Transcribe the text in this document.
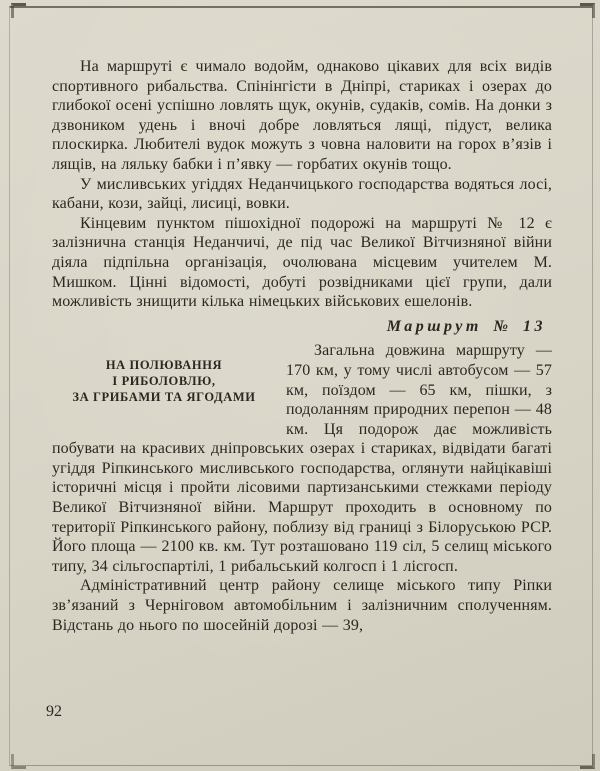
На маршруті є чимало водойм, однаково цікавих для всіх видів спортивного рибальства. Спінінгісти в Дніпрі, стариках і озерах до глибокої осені успішно ловлять щук, окунів, судаків, сомів. На донки з дзвоником удень і вночі добре ловляться лящі, підуст, велика плоскирка. Любителі вудок можуть з човна наловити на горох в’язів і лящів, на ляльку бабки і п’явку — горбатих окунів тощо.

У мисливських угіддях Неданчицького господарства водяться лосі, кабани, кози, зайці, лисиці, вовки.

Кінцевим пунктом пішохідної подорожі на маршруті № 12 є залізнична станція Неданчичі, де під час Великої Вітчизняної війни діяла підпільна організація, очолювана місцевим учителем М. Мишком. Цінні відомості, добуті розвідниками цієї групи, дали можливість знищити кілька німецьких військових ешелонів.

Маршрут № 13
НА ПОЛЮВАННЯ
І РИБОЛОВЛЮ,
ЗА ГРИБАМИ ТА ЯГОДАМИ

Загальна довжина маршруту — 170 км, у тому числі автобусом — 57 км, поїздом — 65 км, пішки, з подоланням природних перепон — 48 км. Ця подорож дає можливість побувати на красивих дніпровських озерах і стариках, відвідати багаті угіддя Ріпкинського мисливського господарства, оглянути найцікавіші історичні місця і пройти лісовими партизанськими стежками періоду Великої Вітчизняної війни. Маршрут проходить в основному по території Ріпкинського району, поблизу від границі з Білоруською РСР. Його площа — 2100 кв. км. Тут розташовано 119 сіл, 5 селищ міського типу, 34 сільгоспартілі, 1 рибальський колгосп і 1 лісгосп.

Адміністративний центр району селище міського типу Ріпки зв’язаний з Черніговом автомобільним і залізничним сполученням. Відстань до нього по шосейній дорозі — 39,

92
